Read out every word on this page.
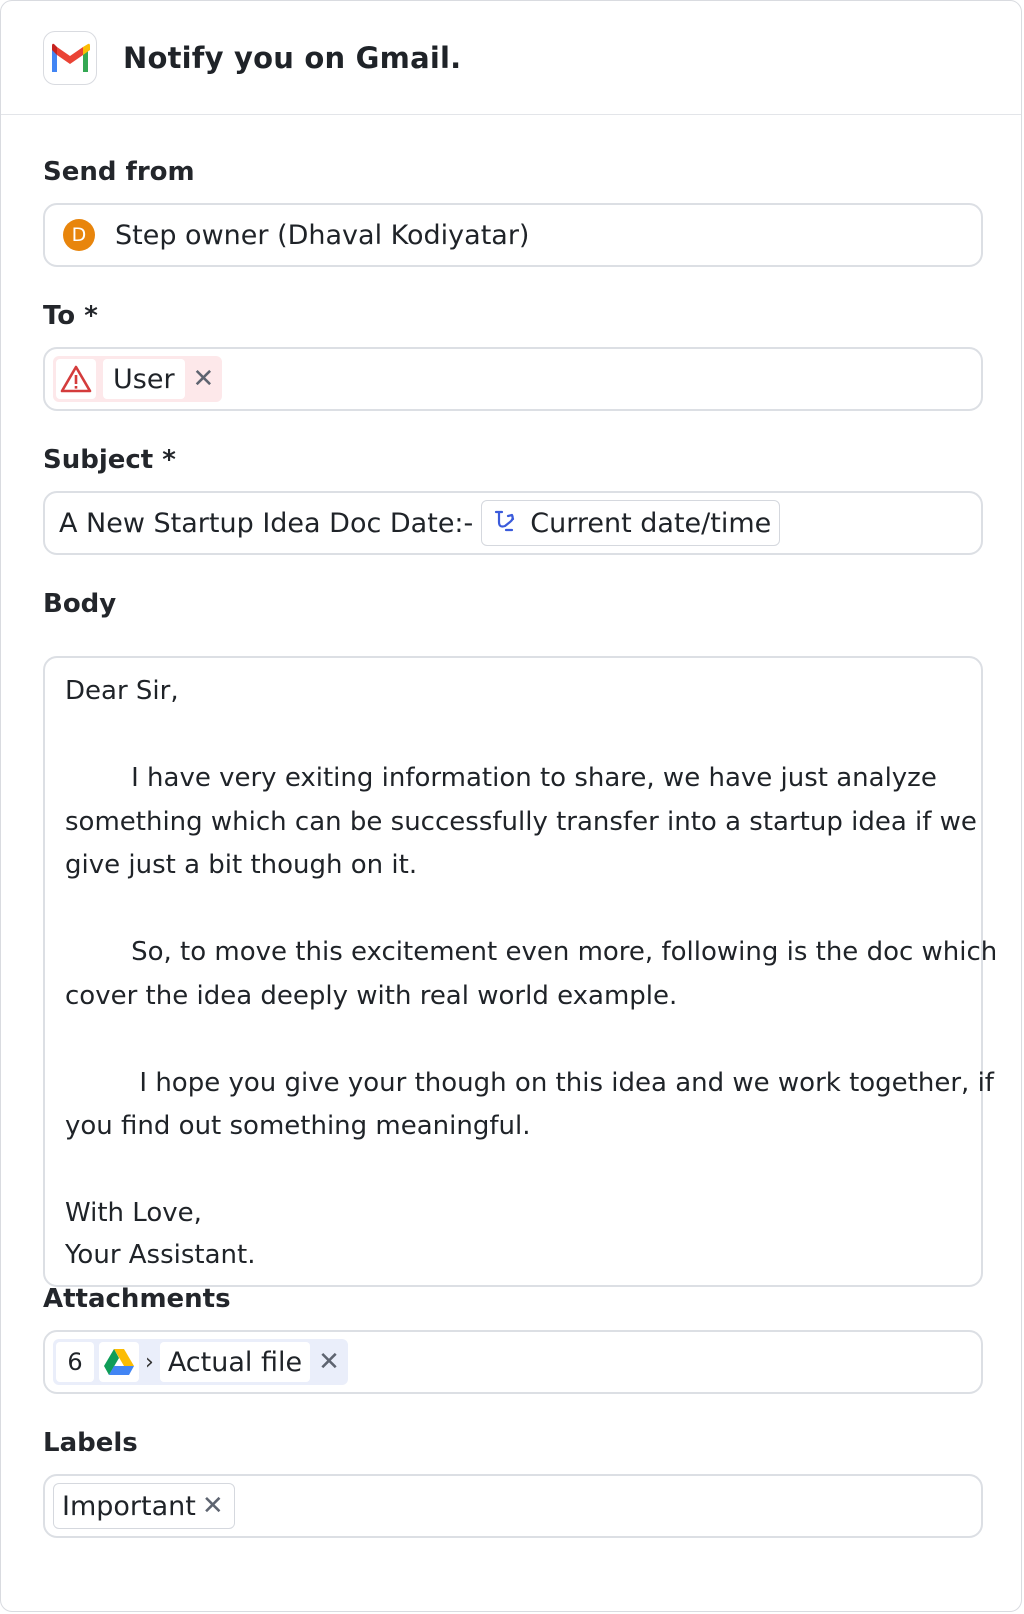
Notify you on Gmail.
Send from
D	Step owner (Dhaval Kodiyatar)
To *
User ✕
Subject *
A New Startup Idea Doc Date:- Current date/time
Body
Dear Sir,
I have very exiting information to share, we have just analyze
something which can be successfully transfer into a startup idea if we
give just a bit though on it.
So, to move this excitement even more, following is the doc which
cover the idea deeply with real world example.
I hope you give your though on this idea and we work together, if
you find out something meaningful.
With Love,
Your Assistant.
Attachments
6	› Actual file ✕
Labels
Important ✕
